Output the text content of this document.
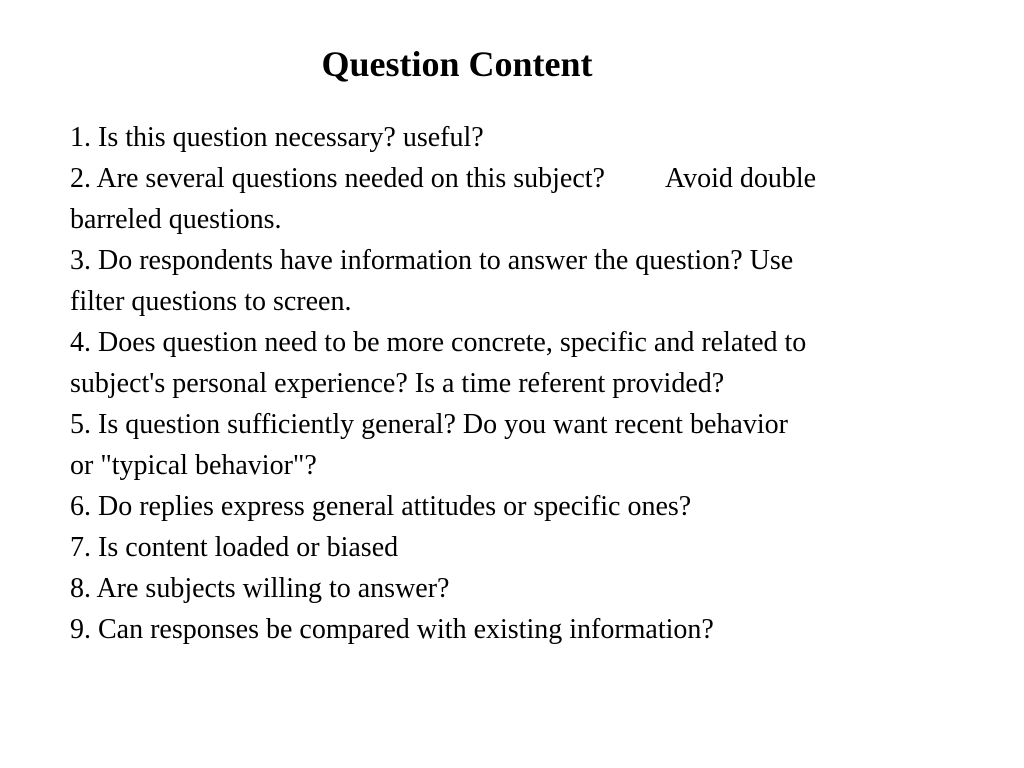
Question Content
1. Is this question necessary? useful?
2. Are several questions needed on this subject? Avoid double
barreled questions.
3. Do respondents have information to answer the question? Use
filter questions to screen.
4. Does question need to be more concrete, specific and related to
subject's personal experience? Is a time referent provided?
5. Is question sufficiently general? Do you want recent behavior
or "typical behavior"?
6. Do replies express general attitudes or specific ones?
7. Is content loaded or biased
8. Are subjects willing to answer?
9. Can responses be compared with existing information?
